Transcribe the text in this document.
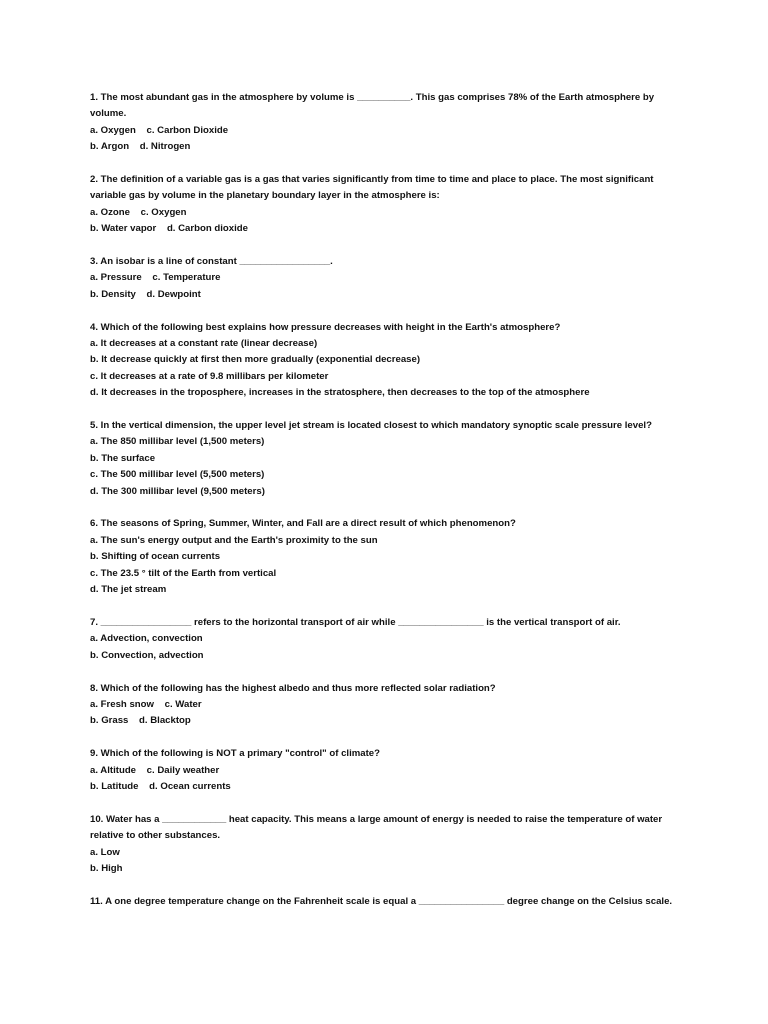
1. The most abundant gas in the atmosphere by volume is __________. This gas comprises 78% of the Earth atmosphere by volume.

a. Oxygen    c. Carbon Dioxide

b. Argon    d. Nitrogen

2. The definition of a variable gas is a gas that varies significantly from time to time and place to place. The most significant variable gas by volume in the planetary boundary layer in the atmosphere is:

a. Ozone    c. Oxygen

b. Water vapor    d. Carbon dioxide

3. An isobar is a line of constant _________________.

a. Pressure    c. Temperature

b. Density    d. Dewpoint

4. Which of the following best explains how pressure decreases with height in the Earth's atmosphere?

a. It decreases at a constant rate (linear decrease)

b. It decrease quickly at first then more gradually (exponential decrease)

c. It decreases at a rate of 9.8 millibars per kilometer

d. It decreases in the troposphere, increases in the stratosphere, then decreases to the top of the atmosphere

5. In the vertical dimension, the upper level jet stream is located closest to which mandatory synoptic scale pressure level?

a. The 850 millibar level (1,500 meters)

b. The surface

c. The 500 millibar level (5,500 meters)

d. The 300 millibar level (9,500 meters)

6. The seasons of Spring, Summer, Winter, and Fall are a direct result of which phenomenon?

a. The sun's energy output and the Earth's proximity to the sun

b. Shifting of ocean currents

c. The 23.5 ° tilt of the Earth from vertical

d. The jet stream

7. _________________ refers to the horizontal transport of air while ________________ is the vertical transport of air.

a. Advection, convection

b. Convection, advection

8. Which of the following has the highest albedo and thus more reflected solar radiation?

a. Fresh snow    c. Water

b. Grass    d. Blacktop

9. Which of the following is NOT a primary "control" of climate?

a. Altitude    c. Daily weather

b. Latitude    d. Ocean currents

10. Water has a ____________ heat capacity. This means a large amount of energy is needed to raise the temperature of water relative to other substances.

a. Low

b. High

11. A one degree temperature change on the Fahrenheit scale is equal a ________________ degree change on the Celsius scale.
